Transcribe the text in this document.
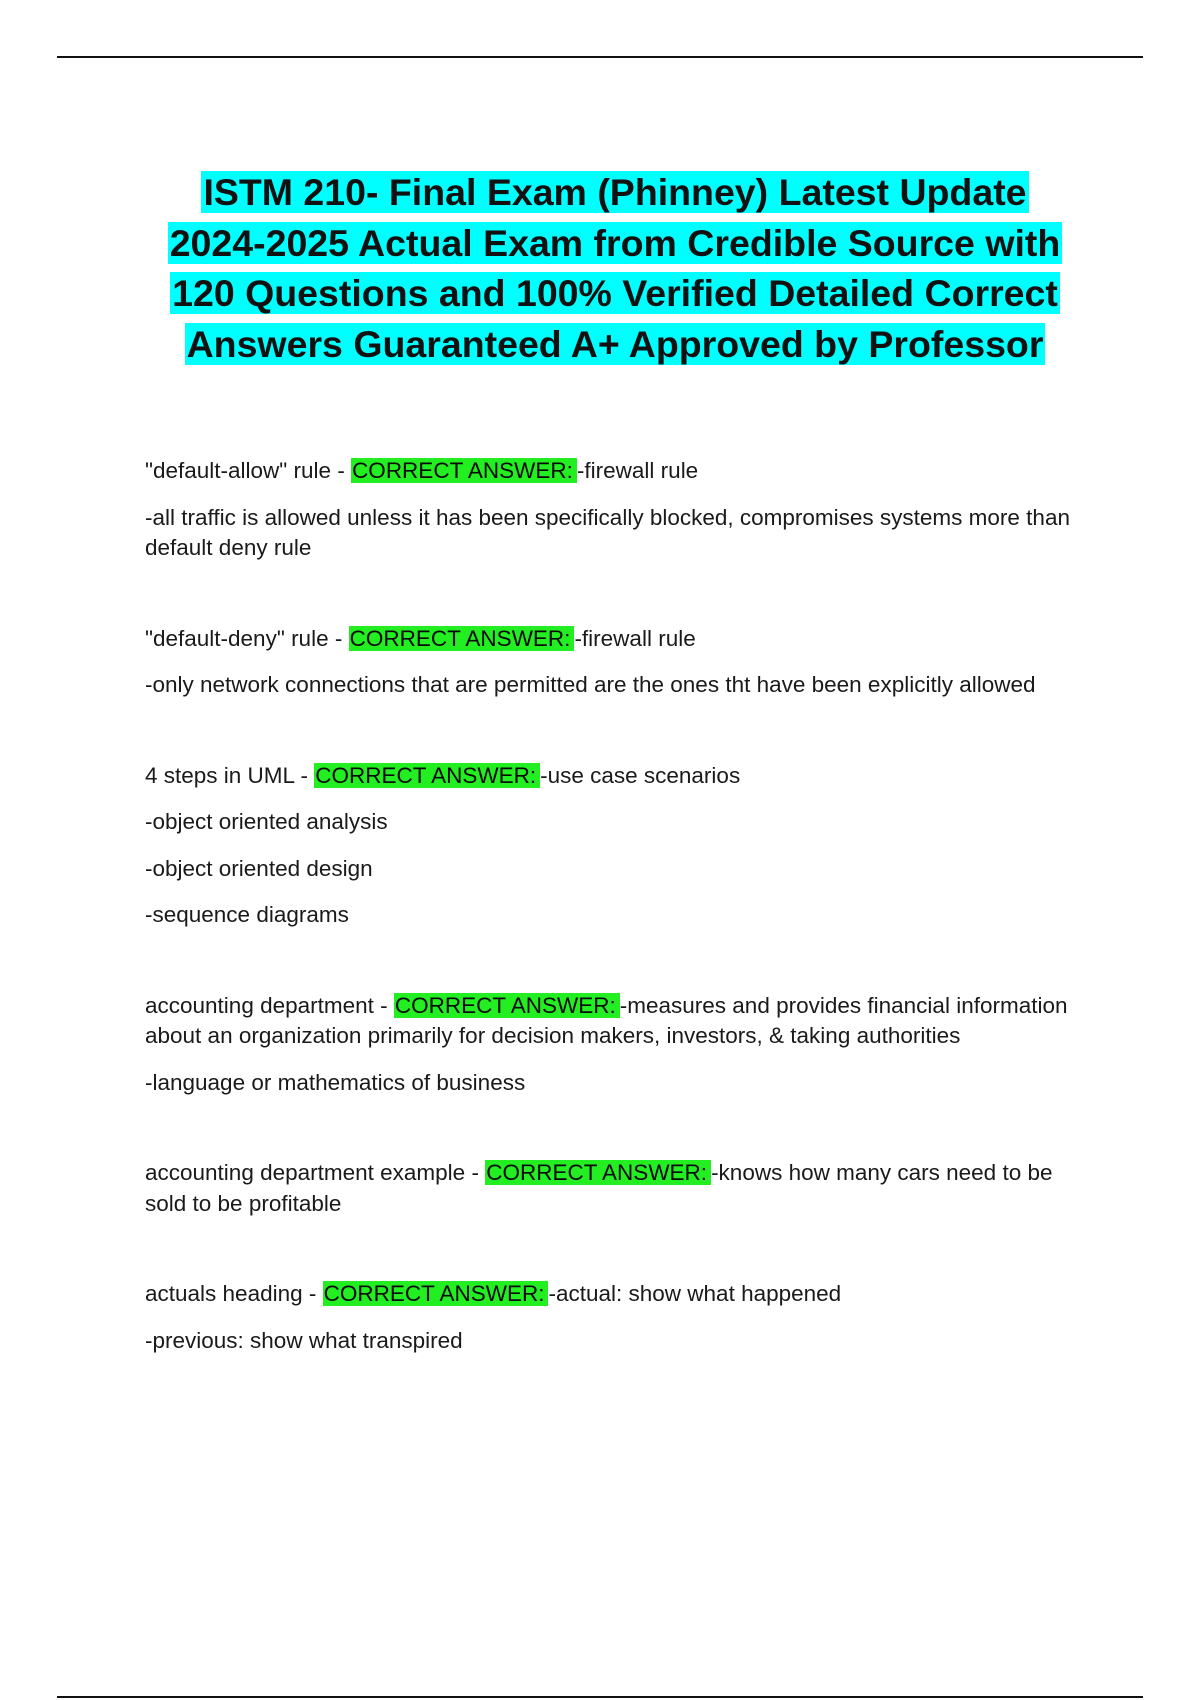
ISTM 210- Final Exam (Phinney) Latest Update 2024-2025 Actual Exam from Credible Source with 120 Questions and 100% Verified Detailed Correct Answers Guaranteed A+ Approved by Professor

"default-allow" rule - CORRECT ANSWER: -firewall rule

-all traffic is allowed unless it has been specifically blocked, compromises systems more than default deny rule

"default-deny" rule - CORRECT ANSWER: -firewall rule

-only network connections that are permitted are the ones tht have been explicitly allowed

4 steps in UML - CORRECT ANSWER: -use case scenarios

-object oriented analysis

-object oriented design

-sequence diagrams

accounting department - CORRECT ANSWER: -measures and provides financial information about an organization primarily for decision makers, investors, & taking authorities

-language or mathematics of business

accounting department example - CORRECT ANSWER: -knows how many cars need to be sold to be profitable

actuals heading - CORRECT ANSWER: -actual: show what happened

-previous: show what transpired
